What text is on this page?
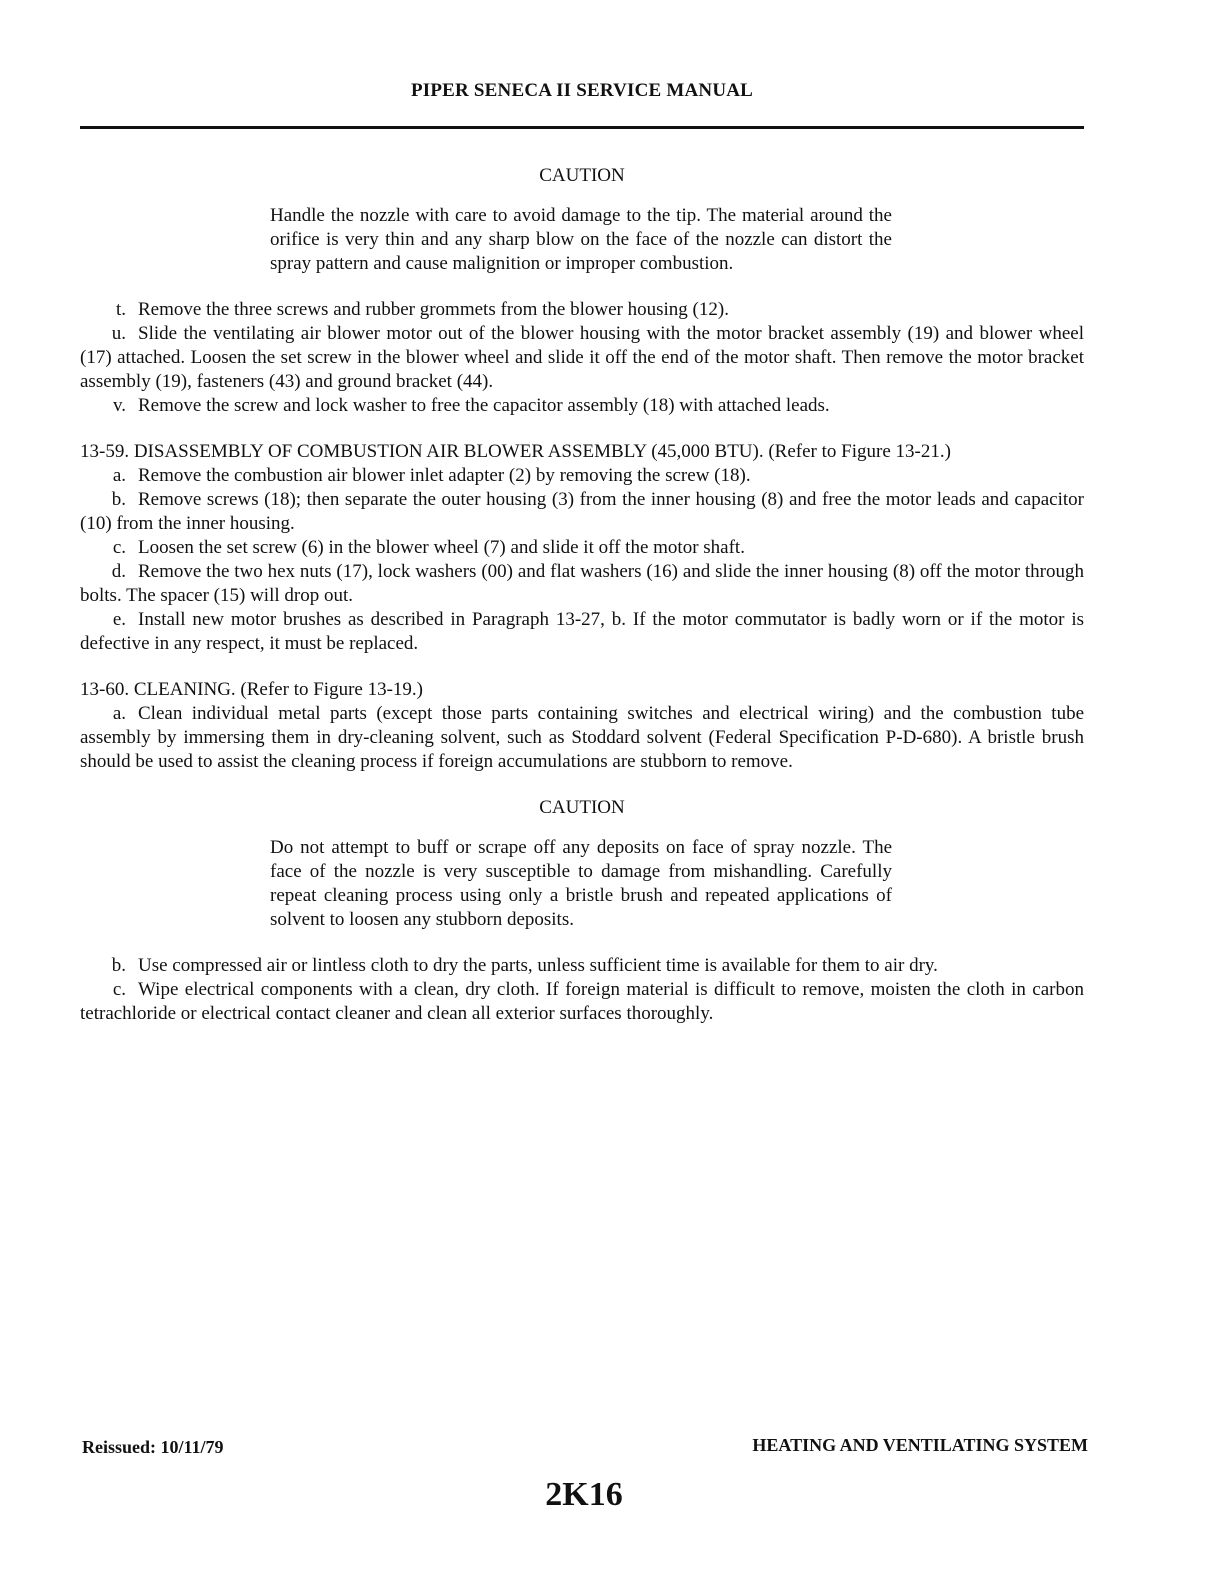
PIPER SENECA II SERVICE MANUAL
CAUTION
Handle the nozzle with care to avoid damage to the tip. The material around the orifice is very thin and any sharp blow on the face of the nozzle can distort the spray pattern and cause malignition or improper combustion.

t. Remove the three screws and rubber grommets from the blower housing (12).

u. Slide the ventilating air blower motor out of the blower housing with the motor bracket assembly (19) and blower wheel (17) attached. Loosen the set screw in the blower wheel and slide it off the end of the motor shaft. Then remove the motor bracket assembly (19), fasteners (43) and ground bracket (44).

v. Remove the screw and lock washer to free the capacitor assembly (18) with attached leads.

13-59. DISASSEMBLY OF COMBUSTION AIR BLOWER ASSEMBLY (45,000 BTU). (Refer to Figure 13-21.)

a. Remove the combustion air blower inlet adapter (2) by removing the screw (18).

b. Remove screws (18); then separate the outer housing (3) from the inner housing (8) and free the motor leads and capacitor (10) from the inner housing.

c. Loosen the set screw (6) in the blower wheel (7) and slide it off the motor shaft.

d. Remove the two hex nuts (17), lock washers (00) and flat washers (16) and slide the inner housing (8) off the motor through bolts. The spacer (15) will drop out.

e. Install new motor brushes as described in Paragraph 13-27, b. If the motor commutator is badly worn or if the motor is defective in any respect, it must be replaced.

13-60. CLEANING. (Refer to Figure 13-19.)

a. Clean individual metal parts (except those parts containing switches and electrical wiring) and the combustion tube assembly by immersing them in dry-cleaning solvent, such as Stoddard solvent (Federal Specification P-D-680). A bristle brush should be used to assist the cleaning process if foreign accumulations are stubborn to remove.

CAUTION
Do not attempt to buff or scrape off any deposits on face of spray nozzle. The face of the nozzle is very susceptible to damage from mishandling. Carefully repeat cleaning process using only a bristle brush and repeated applications of solvent to loosen any stubborn deposits.

b. Use compressed air or lintless cloth to dry the parts, unless sufficient time is available for them to air dry.

c. Wipe electrical components with a clean, dry cloth. If foreign material is difficult to remove, moisten the cloth in carbon tetrachloride or electrical contact cleaner and clean all exterior surfaces thoroughly.

Reissued: 10/11/79	HEATING AND VENTILATING SYSTEM
2K16
